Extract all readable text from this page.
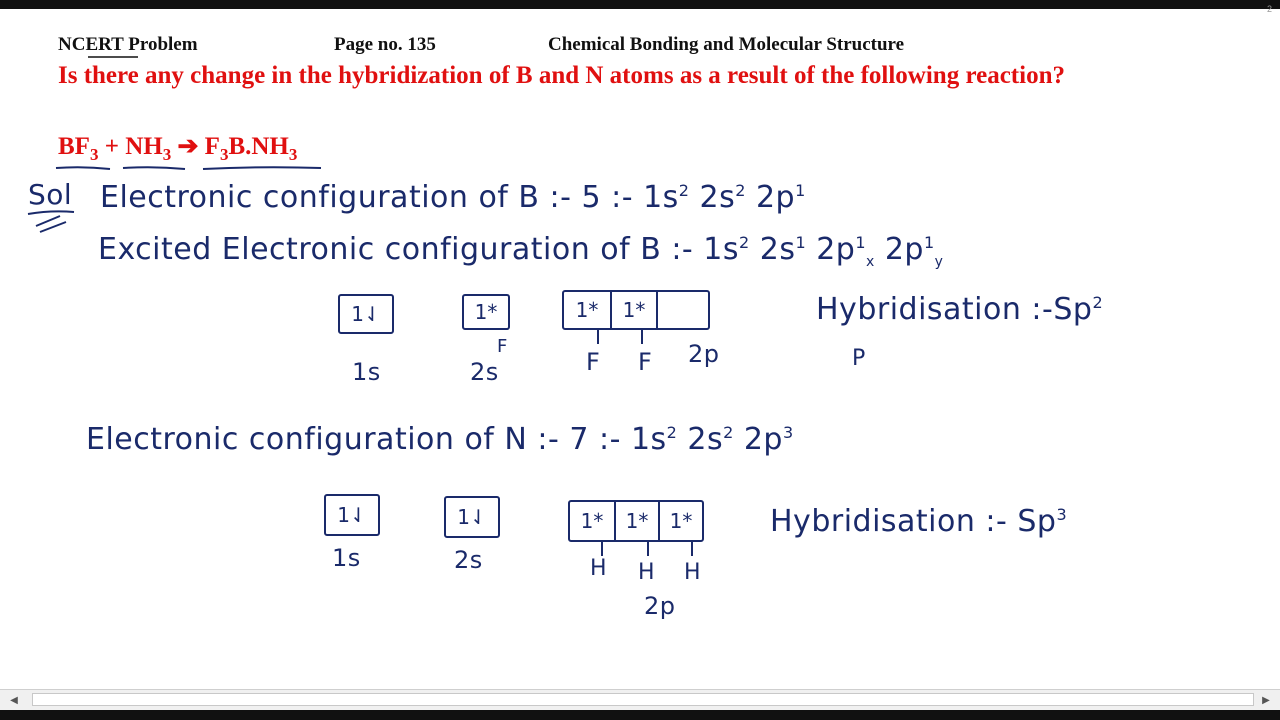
2
NCERT Problem	Page no. 135	Chemical Bonding and Molecular Structure
Is there any change in the hybridization of B and N atoms as a result of the following reaction?
$BF_3 + NH_3$ ➔ $F_3B.NH_3$
Sol Electronic configuration of B :- 5 :- $1s^2$ $2s^2$ $2p^1$
Excited Electronic configuration of B :- $1s^2$ $2s^1$ $2p^1_x$ $2p^1_y$
1⇃	1*	1*	1*
1s	2s
F
F F 2p
Hybridisation :-Sp$^2$
P
Electronic configuration of N :- 7 :- $1s^2$ $2s^2$ $2p^3$
1⇃	1⇃	1*	1*	1*
1s	2s	H H H
2p
Hybridisation :- Sp$^3$
◀	▶
